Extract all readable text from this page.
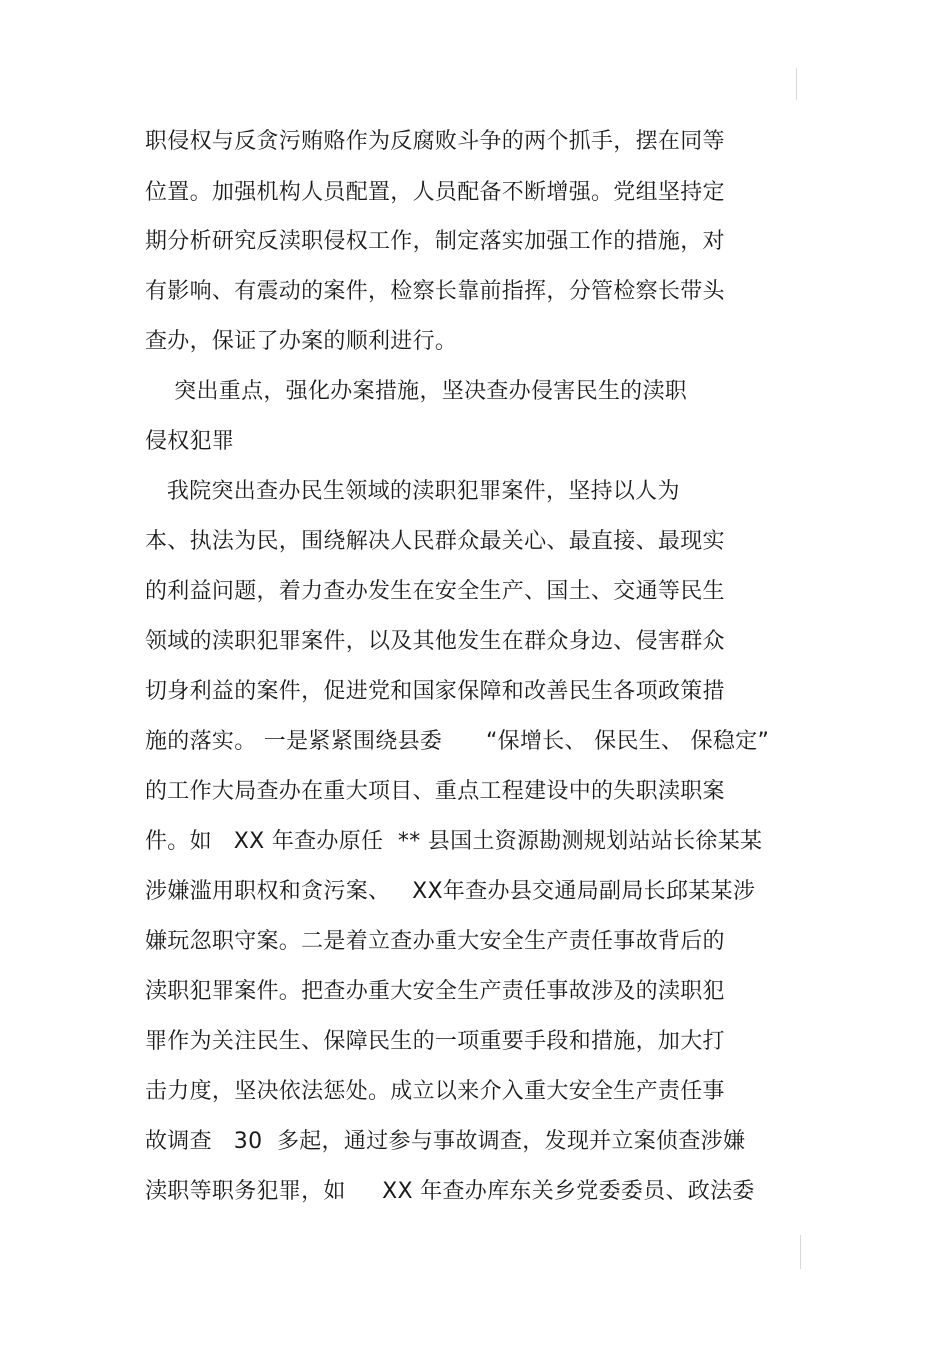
职侵权与反贪污贿赂作为反腐败斗争的两个抓手，摆在同等
位置。加强机构人员配置，人员配备不断增强。党组坚持定
期分析研究反渎职侵权工作，制定落实加强工作的措施，对
有影响、有震动的案件，检察长靠前指挥，分管检察长带头
查办，保证了办案的顺利进行。
突出重点，强化办案措施，坚决查办侵害民生的渎职
侵权犯罪
我院突出查办民生领域的渎职犯罪案件，坚持以人为
本、执法为民，围绕解决人民群众最关心、最直接、最现实
的利益问题，着力查办发生在安全生产、国土、交通等民生
领域的渎职犯罪案件，以及其他发生在群众身边、侵害群众
切身利益的案件，促进党和国家保障和改善民生各项政策措
施的落实。 一是紧紧围绕县委      “保增长、 保民生、 保稳定”
的工作大局查办在重大项目、重点工程建设中的失职渎职案
件。如   XX 年查办原任  ** 县国土资源勘测规划站站长徐某某
涉嫌滥用职权和贪污案、   XX年查办县交通局副局长邱某某涉
嫌玩忽职守案。二是着立查办重大安全生产责任事故背后的
渎职犯罪案件。把查办重大安全生产责任事故涉及的渎职犯
罪作为关注民生、保障民生的一项重要手段和措施，加大打
击力度，坚决依法惩处。成立以来介入重大安全生产责任事
故调查   30  多起，通过参与事故调查，发现并立案侦查涉嫌
渎职等职务犯罪，如     XX 年查办库东关乡党委委员、政法委
